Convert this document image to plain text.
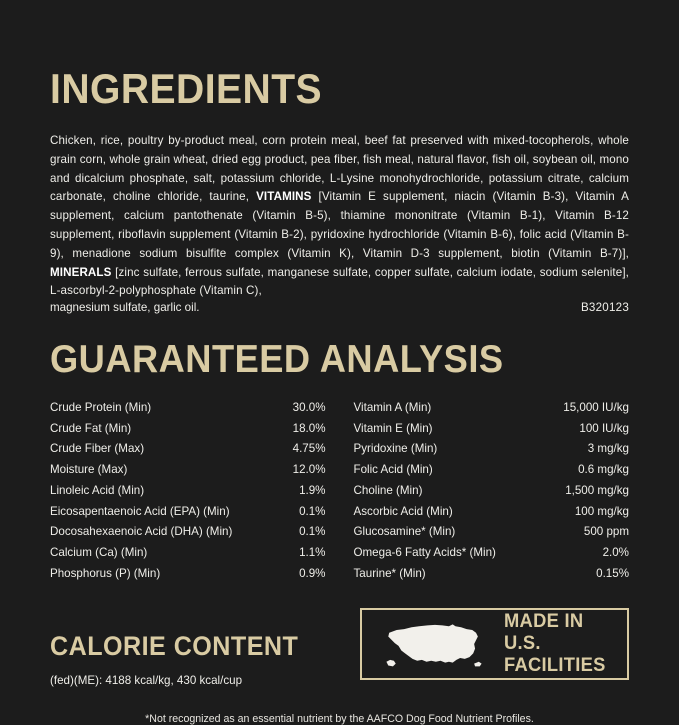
INGREDIENTS

Chicken, rice, poultry by-product meal, corn protein meal, beef fat preserved with mixed-tocopherols, whole grain corn, whole grain wheat, dried egg product, pea fiber, fish meal, natural flavor, fish oil, soybean oil, mono and dicalcium phosphate, salt, potassium chloride, L-Lysine monohydrochloride, potassium citrate, calcium carbonate, choline chloride, taurine, VITAMINS [Vitamin E supplement, niacin (Vitamin B-3), Vitamin A supplement, calcium pantothenate (Vitamin B-5), thiamine mononitrate (Vitamin B-1), Vitamin B-12 supplement, riboflavin supplement (Vitamin B-2), pyridoxine hydrochloride (Vitamin B-6), folic acid (Vitamin B-9), menadione sodium bisulfite complex (Vitamin K), Vitamin D-3 supplement, biotin (Vitamin B-7)], MINERALS [zinc sulfate, ferrous sulfate, manganese sulfate, copper sulfate, calcium iodate, sodium selenite], L-ascorbyl-2-polyphosphate (Vitamin C),

magnesium sulfate, garlic oil.	B320123
GUARANTEED ANALYSIS
Crude Protein (Min)	30.0%
Crude Fat (Min)	18.0%
Crude Fiber (Max)	4.75%
Moisture (Max)	12.0%
Linoleic Acid (Min)	1.9%
Eicosapentaenoic Acid (EPA) (Min)	0.1%
Docosahexaenoic Acid (DHA) (Min)	0.1%
Calcium (Ca) (Min)	1.1%
Phosphorus (P) (Min)	0.9%
Vitamin A (Min)	15,000 IU/kg
Vitamin E (Min)	100 IU/kg
Pyridoxine (Min)	3 mg/kg
Folic Acid (Min)	0.6 mg/kg
Choline (Min)	1,500 mg/kg
Ascorbic Acid (Min)	100 mg/kg
Glucosamine* (Min)	500 ppm
Omega-6 Fatty Acids* (Min)	2.0%
Taurine* (Min)	0.15%
CALORIE CONTENT
(fed)(ME): 4188 kcal/kg, 430 kcal/cup
MADE IN U.S.
FACILITIES
*Not recognized as an essential nutrient by the AAFCO Dog Food Nutrient Profiles.
